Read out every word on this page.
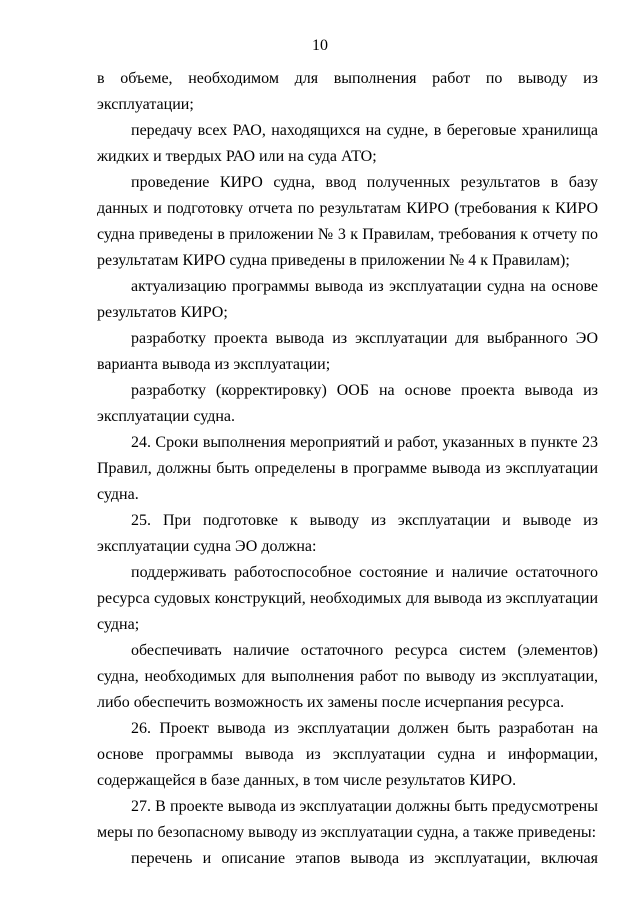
10

в объеме, необходимом для выполнения работ по выводу из эксплуатации;

передачу всех РАО, находящихся на судне, в береговые хранилища жидких и твердых РАО или на суда АТО;

проведение КИРО судна, ввод полученных результатов в базу данных и подготовку отчета по результатам КИРО (требования к КИРО судна приведены в приложении № 3 к Правилам, требования к отчету по результатам КИРО судна приведены в приложении № 4 к Правилам);

актуализацию программы вывода из эксплуатации судна на основе результатов КИРО;

разработку проекта вывода из эксплуатации для выбранного ЭО варианта вывода из эксплуатации;

разработку (корректировку) ООБ на основе проекта вывода из эксплуатации судна.

24. Сроки выполнения мероприятий и работ, указанных в пункте 23 Правил, должны быть определены в программе вывода из эксплуатации судна.

25. При подготовке к выводу из эксплуатации и выводе из эксплуатации судна ЭО должна:

поддерживать работоспособное состояние и наличие остаточного ресурса судовых конструкций, необходимых для вывода из эксплуатации судна;

обеспечивать наличие остаточного ресурса систем (элементов) судна, необходимых для выполнения работ по выводу из эксплуатации, либо обеспечить возможность их замены после исчерпания ресурса.

26. Проект вывода из эксплуатации должен быть разработан на основе программы вывода из эксплуатации судна и информации, содержащейся в базе данных, в том числе результатов КИРО.

27. В проекте вывода из эксплуатации должны быть предусмотрены меры по безопасному выводу из эксплуатации судна, а также приведены:

перечень и описание этапов вывода из эксплуатации, включая
